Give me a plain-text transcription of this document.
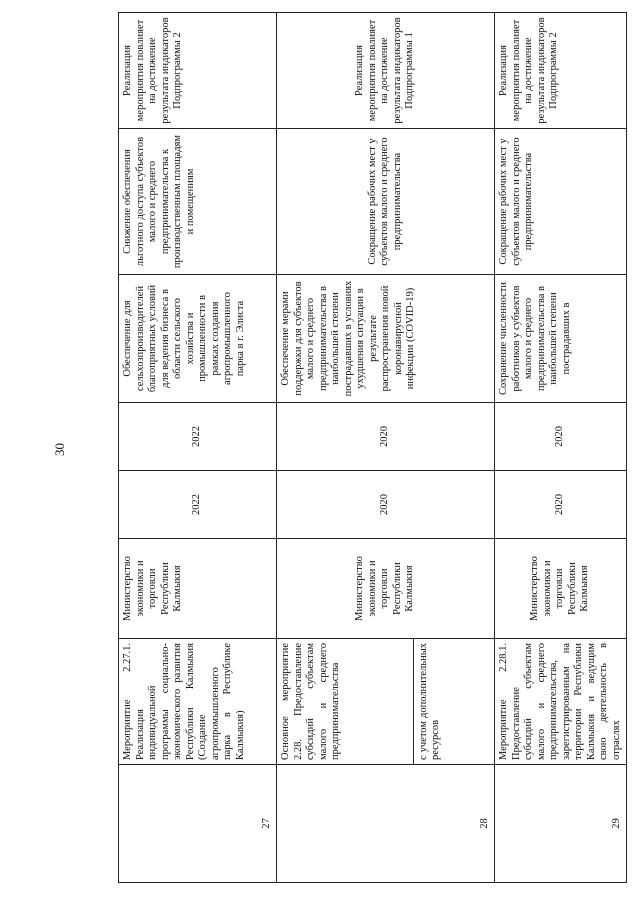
30
27	Мероприятие 2.27.1. Реализация индивидуальной программы социально-экономического развития Республики Калмыкия (Создание агропромышленного парка в Республике Калмыкия)	Министерство экономики и торговли Республики Калмыкия	2022	2022	Обеспечение для сельхозпроизводителей благоприятных условий для ведения бизнеса в области сельского хозяйства и промышленности в рамках создания агропромышленного парка в г. Элиста	Снижение обеспечения льготного доступа субъектов малого и среднего предпринимательства к производственным площадям и помещениям	Реализация мероприятия повлияет на достижение результата индикаторов Подпрограммы 2
28	Основное мероприятие 2.28. Предоставление субсидий субъектам малого и среднего предпринимательства с учетом дополнительных ресурсов	Министерство экономики и торговли Республики Калмыкия	2020	2020	Обеспечение мерами поддержки для субъектов малого и среднего предпринимательства в наибольшей степени пострадавших в условиях ухудшения ситуации в результате распространения новой коронавирусной инфекции (COVID-19)	Сокращение рабочих мест у субъектов малого и среднего предпринимательства	Реализация мероприятия повлияет на достижение результата индикаторов Подпрограммы 1
29	Мероприятие 2.28.1. Предоставление субсидий субъектам малого и среднего предпринимательства, зарегистрированным на территории Республики Калмыкия и ведущим свою деятельность в отраслях	Министерство экономики и торговли Республики Калмыкия	2020	2020	Сохранение численности работников у субъектов малого и среднего предпринимательства в наибольшей степени пострадавших в	Сокращение рабочих мест у субъектов малого и среднего предпринимательства	Реализация мероприятия повлияет на достижение результата индикаторов Подпрограммы 2
